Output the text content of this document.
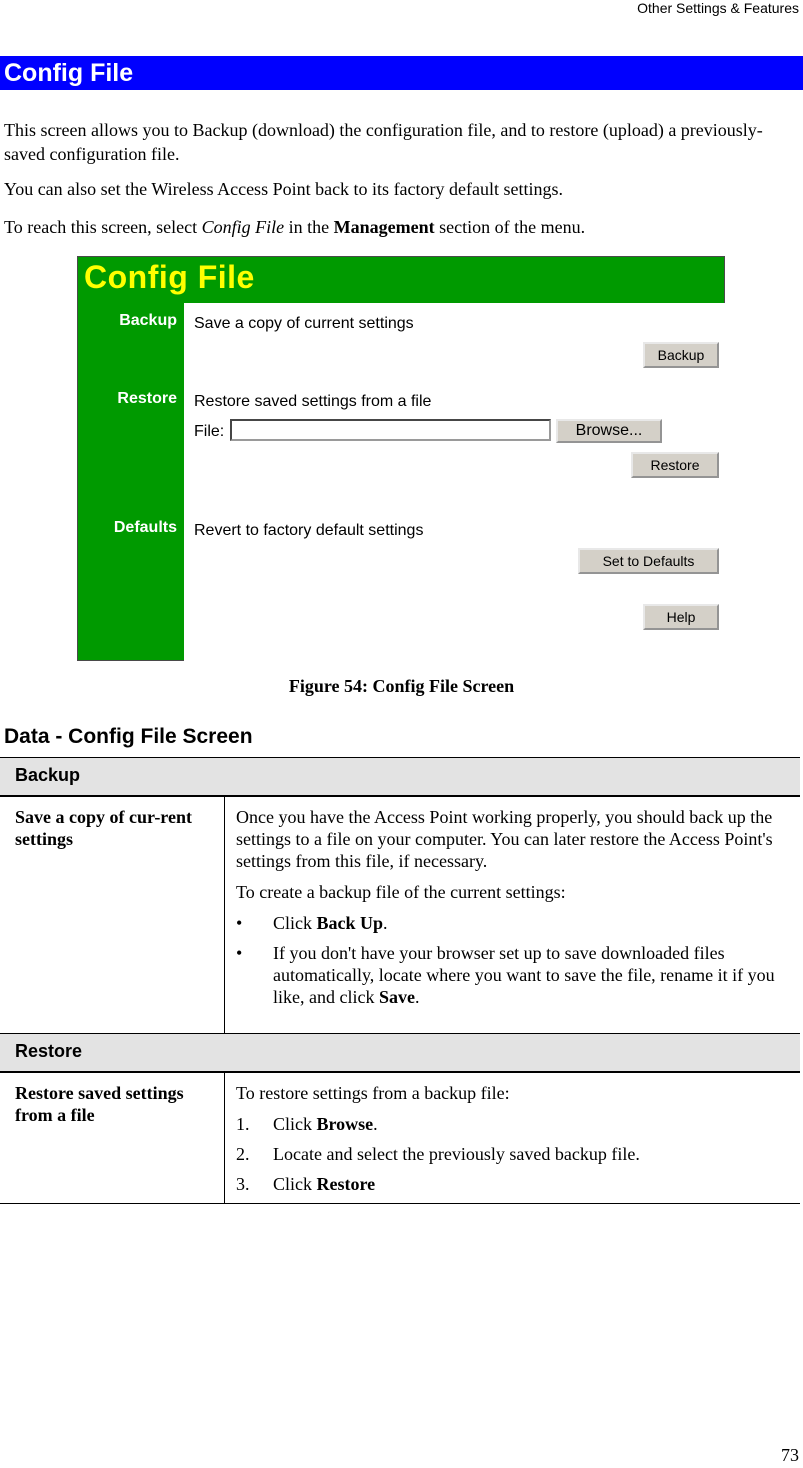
Other Settings & Features
Config File

This screen allows you to Backup (download) the configuration file, and to restore (upload) a previously-saved configuration file.

You can also set the Wireless Access Point back to its factory default settings.

To reach this screen, select Config File in the Management section of the menu.

Config File
Backup
Restore
Defaults
Save a copy of current settings
Backup
Restore saved settings from a file
File:	Browse...
Restore
Revert to factory default settings
Set to Defaults
Help
Figure 54: Config File Screen
Data - Config File Screen
Backup
Save a copy of cur-rent settings

Once you have the Access Point working properly, you should back up the settings to a file on your computer. You can later restore the Access Point's settings from this file, if necessary.

To create a backup file of the current settings:

• Click Back Up.
• If you don't have your browser set up to save downloaded files automatically, locate where you want to save the file, rename it if you like, and click Save.
Restore
Restore saved settings from a file

To restore settings from a backup file:

1. Click Browse.
2. Locate and select the previously saved backup file.
3. Click Restore
73
